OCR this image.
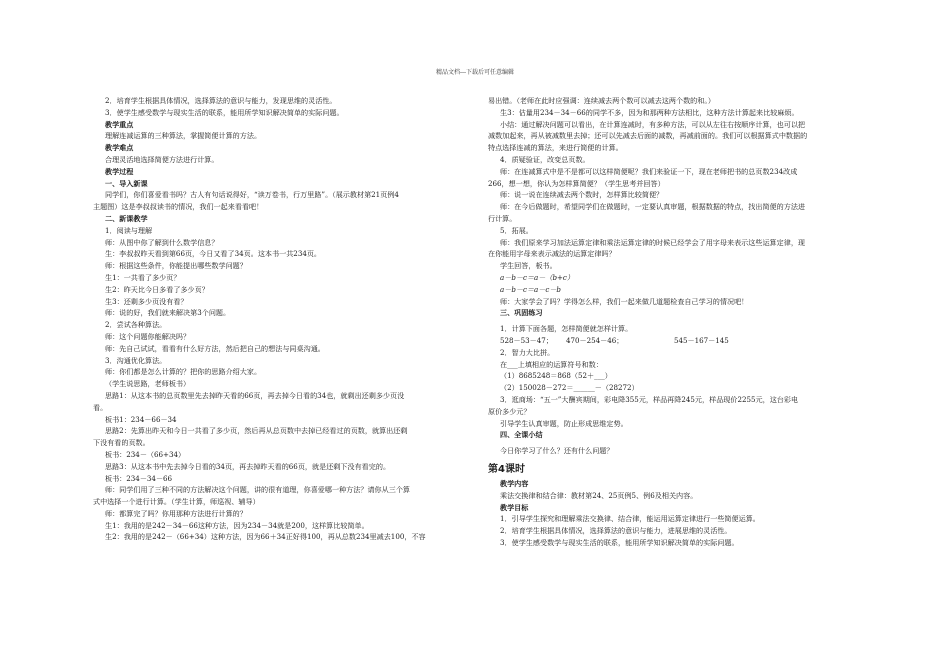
精品文档---下载后可任意编辑

2．培育学生根据具体情况，选择算法的意识与能力，发现思维的灵活性。

3．使学生感受数学与现实生活的联系，能用所学知识解决简单的实际问题。

教学重点

理解连减运算的三种算法，掌握简便计算的方法。

教学难点

合理灵活地选择简便方法进行计算。

教学过程

一、导入新课

同学们，你们喜爱看书吗？古人有句话说得好，“读万卷书，行万里路”。（展示教材第21页例4

主题图）这是李叔叔读书的情况，我们一起来看看吧！

二、新课教学

1．阅读与理解

师：从图中你了解到什么数学信息？

生：李叔叔昨天看到第66页，今日又看了34页。这本书一共234页。

师：根据这些条件，你能提出哪些数学问题？

生1：一共看了多少页？

生2：昨天比今日多看了多少页？

生3：还剩多少页没有看？

师：说的好，我们就来解决第3个问题。

2．尝试各种算法。

师：这个问题你能解决吗？

师：先自己试试，看看有什么好方法，然后把自己的想法与同桌沟通。

3．沟通优化算法。

师：你们都是怎么计算的？把你的思路介绍大家。

（学生说思路，老师板书）

思路1：从这本书的总页数里先去掉昨天看的66页，再去掉今日看的34也，就剩出还剩多少页没

看。

板书1：234－66－34

思路2：先算出昨天和今日一共看了多少页，然后再从总页数中去掉已经看过的页数，就算出还剩

下没有看的页数。

板书：234－（66+34）

思路3：从这本书中先去掉今日看的34页，再去掉昨天看的66页，就是还剩下没有看完的。

板书：234－34－66

师：同学们用了三种不同的方法解决这个问题，讲的很有道理，你喜爱哪一种方法？请你从三个算

式中选择一个进行计算。（学生计算，师巡视、辅导）

师：都算完了吗？你用那种方法进行计算的？

生1：我用的是242－34－66这种方法，因为234－34就是200，这样算比较简单。

生2：我用的是242－（66+34）这种方法，因为66＋34正好得100，再从总数234里减去100，不容

易出错。（老师在此时应强调：连续减去两个数可以减去这两个数的和。）

生3：估量用234－34－66的同学不多，因为和那两种方法相比，这种方法计算起来比较麻烦。

小结：通过解决问题可以看出，在计算连减时，有多种方法，可以从左往右按顺序计算，也可以把

减数加起来，再从被减数里去掉；还可以先减去后面的减数，再减前面的。我们可以根据算式中数据的

特点选择连减的算法，来进行简便的计算。

4．质疑验证，改变总页数。

师：在连减算式中是不是都可以这样简便呢？我们来验证一下，现在老师把书的总页数234改成

266，想一想，你认为怎样算简便？（学生思考并回答）

师：说一说在连续减去两个数时，怎样算比较简便？

师：在今后做题时，希望同学们在做题时，一定要认真审题，根据数据的特点，找出简便的方法进

行计算。

5．拓展。

师：我们原来学习加法运算定律和乘法运算定律的时候已经学会了用字母来表示这些运算定律，现

在你能用字母来表示减法的运算定律吗？

学生回答，板书。

a－b－c＝a－（b+c）

a－b－c＝a－c－b

师：大家学会了吗？学得怎么样，我们一起来做几道题检查自己学习的情况吧！

三、巩固练习

1．计算下面各题，怎样简便就怎样计算。

528－53－47；	470－254－46；	545－167－145

2．智力大比拼。

在___上填相应的运算符号和数：

（1）8685248＝868（52＋___）

（2）150028－272＝______－（28272）

3．逛商场：“五一”大酬宾期间，彩电降355元，样品再降245元，样品现价2255元，这台彩电

原价多少元？

引导学生认真审题，防止形成思维定势。

四、全课小结

今日你学习了什么？还有什么问题？

第4课时

教学内容

乘法交换律和结合律：教材第24、25页例5、例6及相关内容。

教学目标

1．引导学生探究和理解乘法交换律、结合律，能运用运算定律进行一些简便运算。

2．培育学生根据具体情况，选择算法的意识与能力，进展思维的灵活性。

3．使学生感受数学与现实生活的联系，能用所学知识解决简单的实际问题。
